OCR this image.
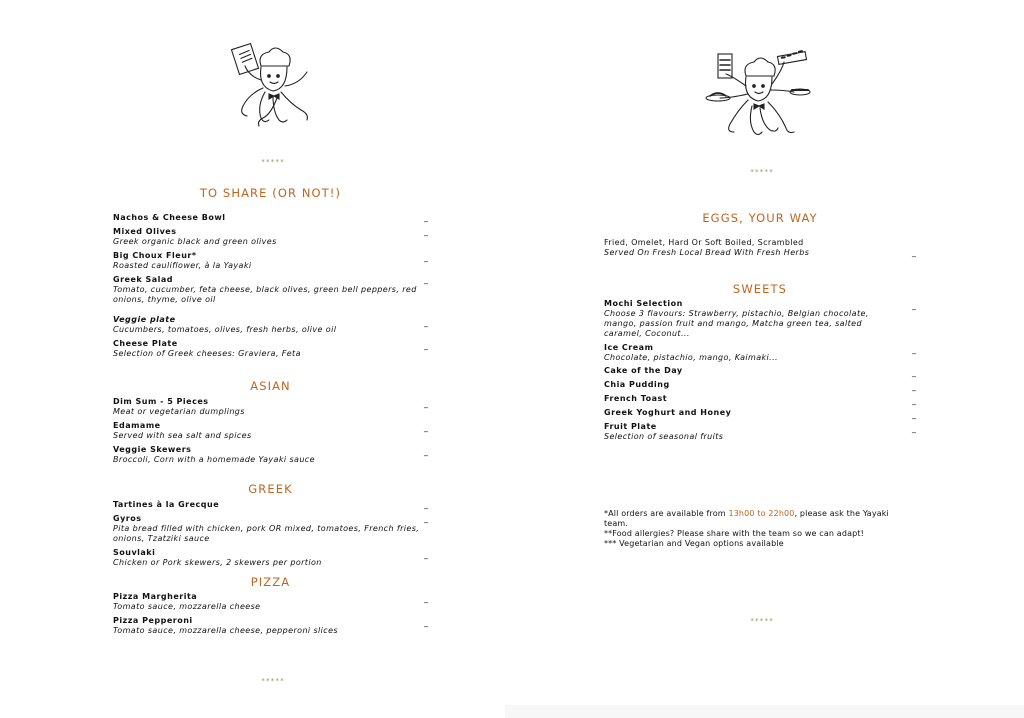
*****
TO SHARE (OR NOT!)
Nachos & Cheese Bowl	_
Mixed Olives
Greek organic black and green olives
_
Big Choux Fleur*
Roasted cauliflower, à la Yayaki
_
Greek Salad
Tomato, cucumber, feta cheese, black olives, green bell peppers, red onions, thyme, olive oil
_
Veggie plate
Cucumbers, tomatoes, olives, fresh herbs, olive oil
_
Cheese Plate
Selection of Greek cheeses: Graviera, Feta
_
ASIAN
Dim Sum - 5 Pieces
Meat or vegetarian dumplings
_
Edamame
Served with sea salt and spices
_
Veggie Skewers
Broccoli, Corn with a homemade Yayaki sauce
_
GREEK
Tartines à la Grecque	_
Gyros
Pita bread filled with chicken, pork OR mixed, tomatoes, French fries, onions, Tzatziki sauce
_
Souvlaki
Chicken or Pork skewers, 2 skewers per portion
_
PIZZA
Pizza Margherita
Tomato sauce, mozzarella cheese
_
Pizza Pepperoni
Tomato sauce, mozzarella cheese, pepperoni slices
_
*****
*****
EGGS, YOUR WAY
Fried, Omelet, Hard Or Soft Boiled, Scrambled
Served On Fresh Local Bread With Fresh Herbs	_
SWEETS
Mochi Selection
Choose 3 flavours: Strawberry, pistachio, Belgian chocolate, mango, passion fruit and mango, Matcha green tea, salted caramel, Coconut...
_
Ice Cream
Chocolate, pistachio, mango, Kaimaki...
_
Cake of the Day	_
Chia Pudding	_
French Toast	_
Greek Yoghurt and Honey	_
Fruit Plate
Selection of seasonal fruits
_
*All orders are available from 13h00 to 22h00, please ask the Yayaki
team.
**Food allergies? Please share with the team so we can adapt!
*** Vegetarian and Vegan options available
*****
